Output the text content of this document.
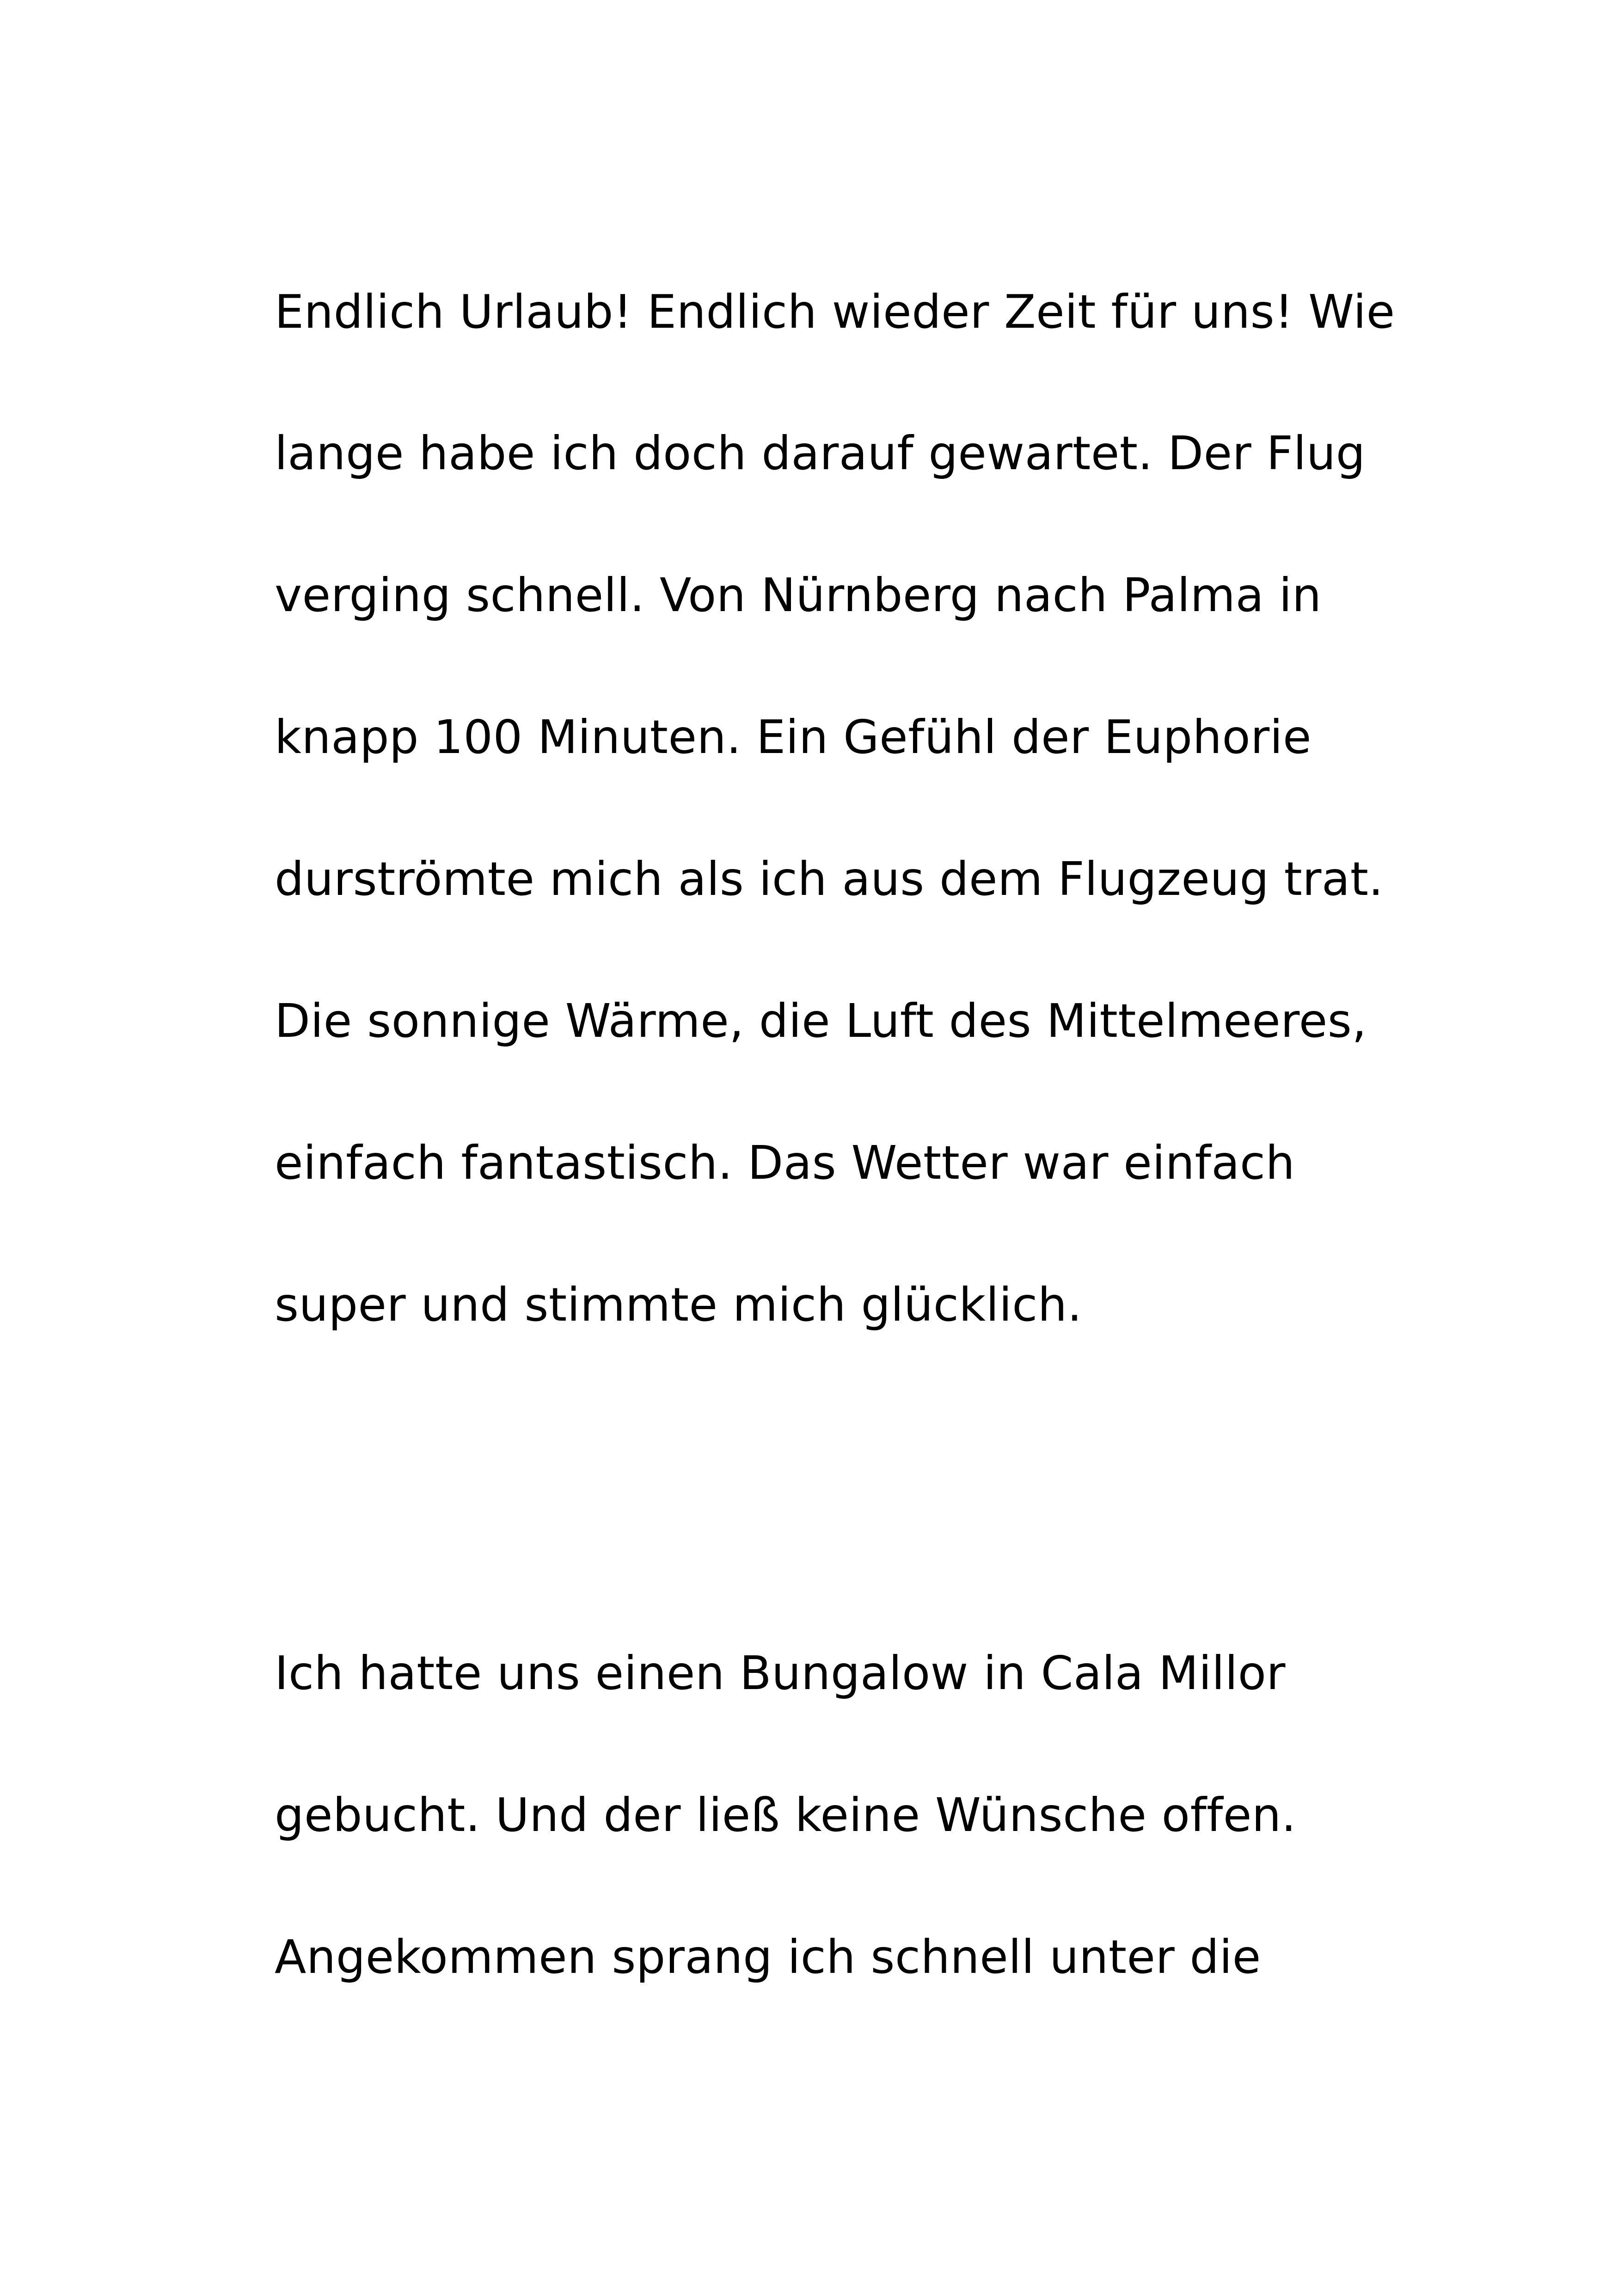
Endlich Urlaub! Endlich wieder Zeit für uns! Wie

lange habe ich doch darauf gewartet. Der Flug

verging schnell. Von Nürnberg nach Palma in

knapp 100 Minuten. Ein Gefühl der Euphorie

durströmte mich als ich aus dem Flugzeug trat.

Die sonnige Wärme, die Luft des Mittelmeeres,

einfach fantastisch. Das Wetter war einfach

super und stimmte mich glücklich.

Ich hatte uns einen Bungalow in Cala Millor

gebucht. Und der ließ keine Wünsche offen.

Angekommen sprang ich schnell unter die
